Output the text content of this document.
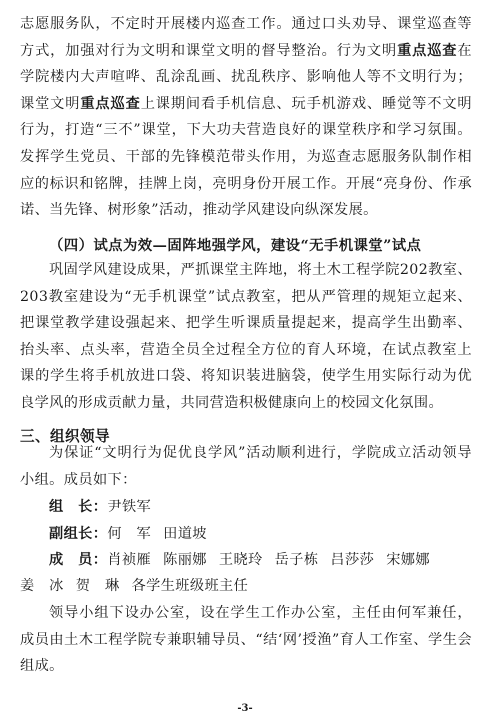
志愿服务队，不定时开展楼内巡查工作。通过口头劝导、课堂巡查等方式，加强对行为文明和课堂文明的督导整治。行为文明重点巡查在学院楼内大声喧哗、乱涂乱画、扰乱秩序、影响他人等不文明行为；课堂文明重点巡查上课期间看手机信息、玩手机游戏、睡觉等不文明行为，打造“三不”课堂，下大功夫营造良好的课堂秩序和学习氛围。发挥学生党员、干部的先锋模范带头作用，为巡查志愿服务队制作相应的标识和铭牌，挂牌上岗，亮明身份开展工作。开展“亮身份、作承诺、当先锋、树形象”活动，推动学风建设向纵深发展。
（四）试点为效—固阵地强学风，建设“无手机课堂”试点
巩固学风建设成果，严抓课堂主阵地，将土木工程学院202教室、203教室建设为“无手机课堂”试点教室，把从严管理的规矩立起来、把课堂教学建设强起来、把学生听课质量提起来，提高学生出勤率、抬头率、点头率，营造全员全过程全方位的育人环境，在试点教室上课的学生将手机放进口袋、将知识装进脑袋，使学生用实际行动为优良学风的形成贡献力量，共同营造积极健康向上的校园文化氛围。
三、组织领导
为保证“文明行为促优良学风”活动顺利进行，学院成立活动领导小组。成员如下：
组　长：尹铁军
副组长：何　军 田道坡
成　员：肖祯雁 陈丽娜 王晓玲 岳子栋 吕莎莎 宋娜娜
姜　冰 贺　琳 各学生班级班主任
领导小组下设办公室，设在学生工作办公室，主任由何军兼任，成员由土木工程学院专兼职辅导员、“结‘网’授渔”育人工作室、学生会组成。
-3-
